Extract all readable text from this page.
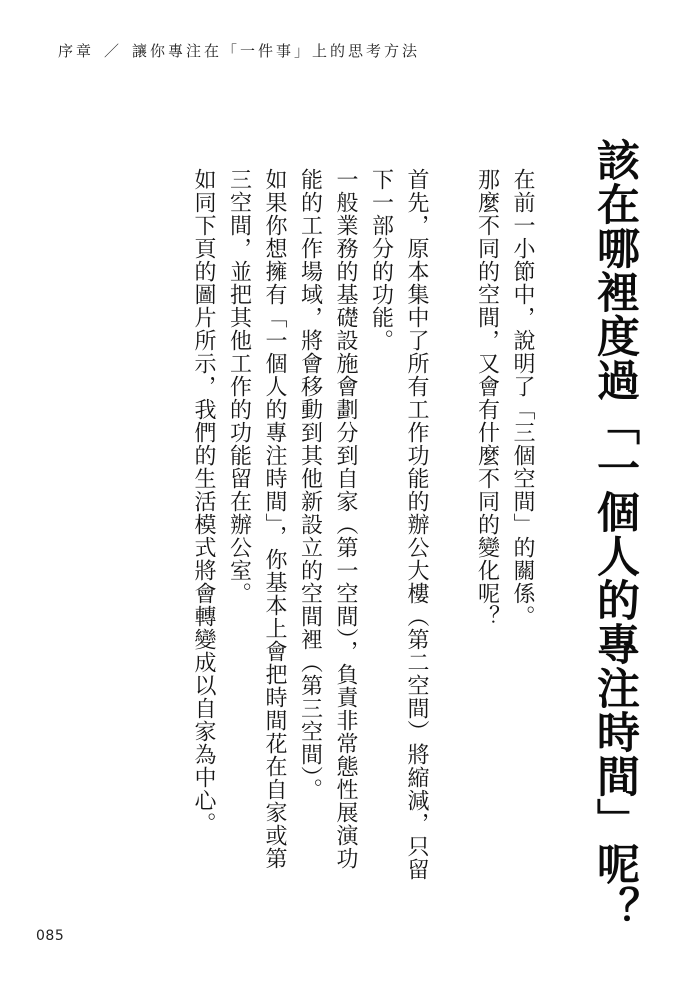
序章 ／ 讓你專注在「一件事」上的思考方法
該在哪裡度過「一個人的專注時間」呢？

在前一小節中，說明了「三個空間」的關係。

那麼不同的空間，又會有什麼不同的變化呢？

首先，原本集中了所有工作功能的辦公大樓（第二空間）將縮減，只留下一部分的功能。

一般業務的基礎設施會劃分到自家（第一空間），負責非常態性展演功能的工作場域，將會移動到其他新設立的空間裡（第三空間）。

如果你想擁有「一個人的專注時間」，你基本上會把時間花在自家或第三空間，並把其他工作的功能留在辦公室。

如同下頁的圖片所示，我們的生活模式將會轉變成以自家為中心。

085
